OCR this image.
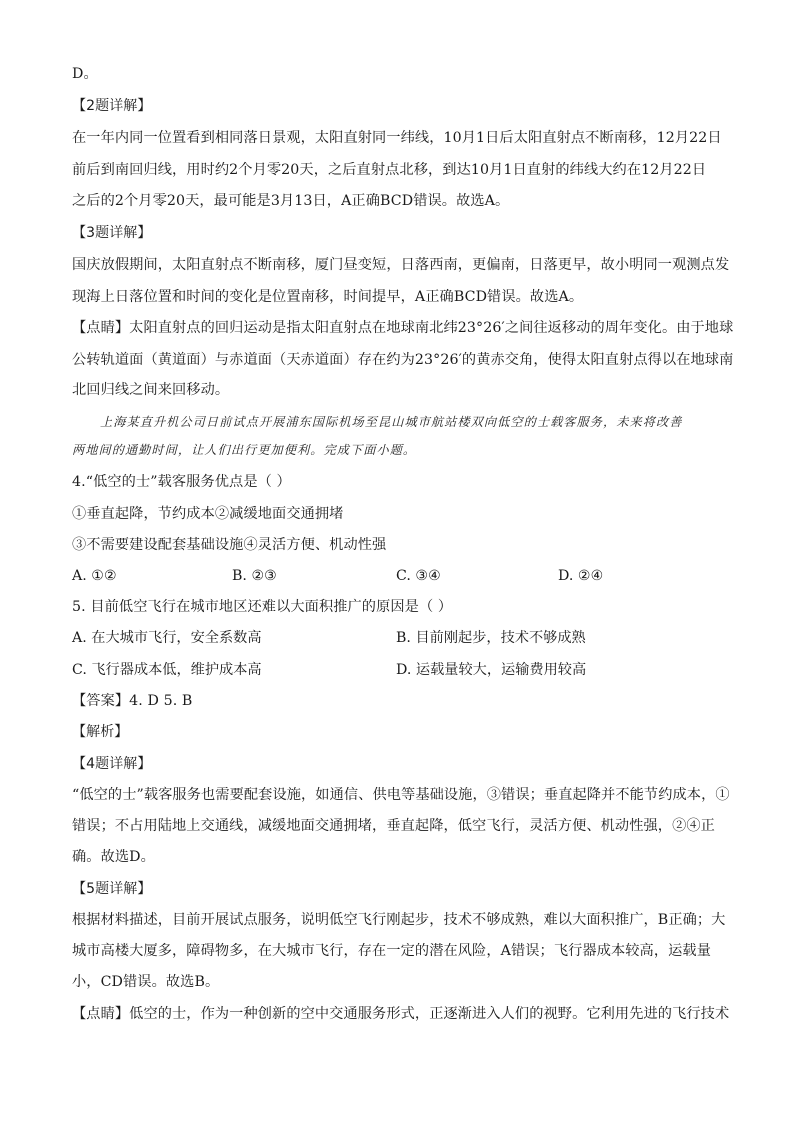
D。
【2题详解】
在一年内同一位置看到相同落日景观，太阳直射同一纬线，10月1日后太阳直射点不断南移，12月22日
前后到南回归线，用时约2个月零20天，之后直射点北移，到达10月1日直射的纬线大约在12月22日
之后的2个月零20天，最可能是3月13日，A正确BCD错误。故选A。
【3题详解】
国庆放假期间，太阳直射点不断南移，厦门昼变短，日落西南，更偏南，日落更早，故小明同一观测点发
现海上日落位置和时间的变化是位置南移，时间提早，A正确BCD错误。故选A。
【点睛】太阳直射点的回归运动是指太阳直射点在地球南北纬23°26′之间往返移动的周年变化。由于地球
公转轨道面（黄道面）与赤道面（天赤道面）存在约为23°26′的黄赤交角，使得太阳直射点得以在地球南
北回归线之间来回移动。
上海某直升机公司日前试点开展浦东国际机场至昆山城市航站楼双向低空的士载客服务，未来将改善
两地间的通勤时间，让人们出行更加便利。完成下面小题。
4.“低空的士”载客服务优点是（ ）
①垂直起降，节约成本②减缓地面交通拥堵
③不需要建设配套基础设施④灵活方便、机动性强
A. ①②	B. ②③	C. ③④	D. ②④
5. 目前低空飞行在城市地区还难以大面积推广的原因是（ ）
A. 在大城市飞行，安全系数高	B. 目前刚起步，技术不够成熟
C. 飞行器成本低，维护成本高	D. 运载量较大，运输费用较高
【答案】4. D 5. B
【解析】
【4题详解】
“低空的士”载客服务也需要配套设施，如通信、供电等基础设施，③错误；垂直起降并不能节约成本，①
错误；不占用陆地上交通线，减缓地面交通拥堵，垂直起降，低空飞行，灵活方便、机动性强，②④正
确。故选D。
【5题详解】
根据材料描述，目前开展试点服务，说明低空飞行刚起步，技术不够成熟，难以大面积推广，B正确；大
城市高楼大厦多，障碍物多，在大城市飞行，存在一定的潜在风险，A错误；飞行器成本较高，运载量
小，CD错误。故选B。
【点睛】低空的士，作为一种创新的空中交通服务形式，正逐渐进入人们的视野。它利用先进的飞行技术
